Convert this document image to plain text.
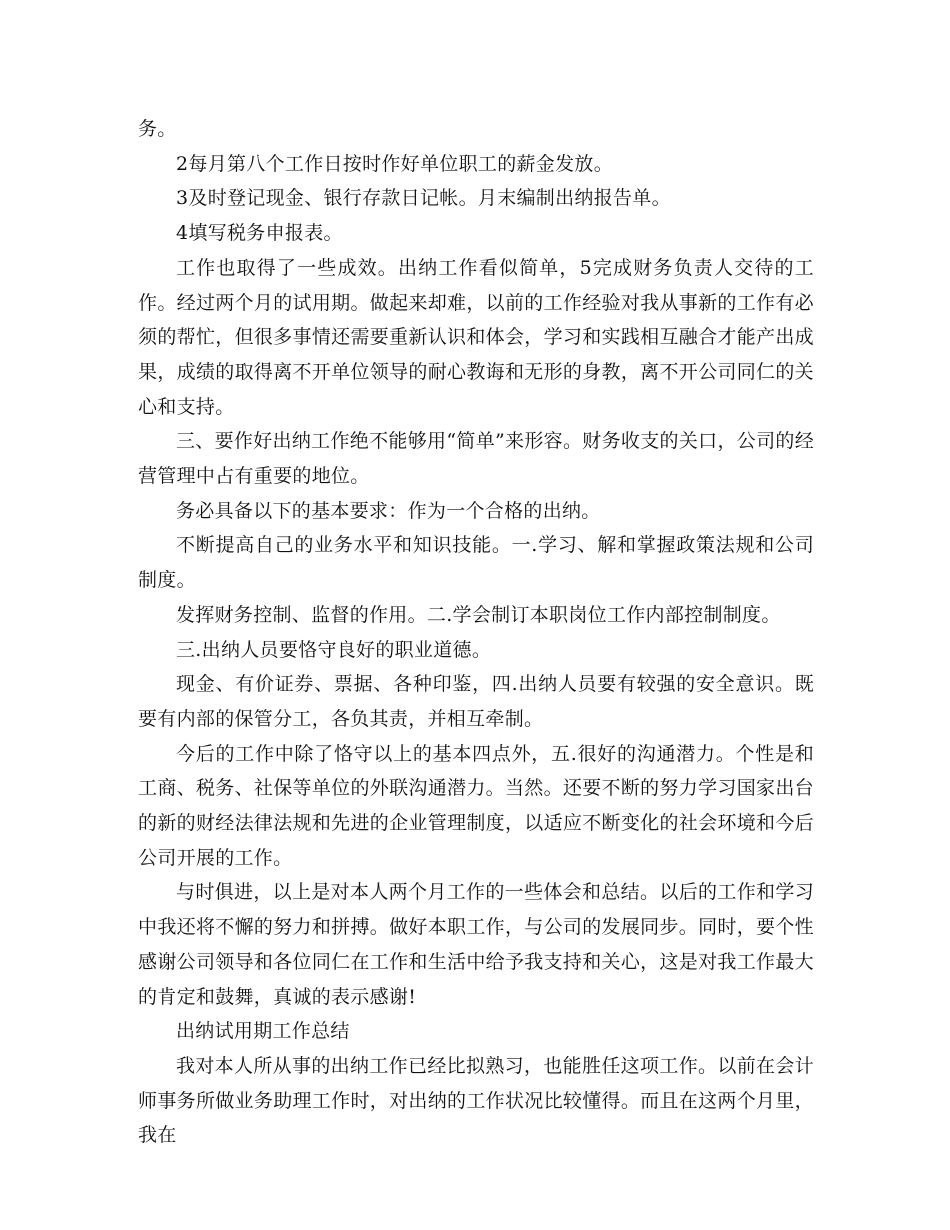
务。

2每月第八个工作日按时作好单位职工的薪金发放。

3及时登记现金、银行存款日记帐。月末编制出纳报告单。

4填写税务申报表。

工作也取得了一些成效。出纳工作看似简单，5完成财务负责人交待的工作。经过两个月的试用期。做起来却难，以前的工作经验对我从事新的工作有必须的帮忙，但很多事情还需要重新认识和体会，学习和实践相互融合才能产出成果，成绩的取得离不开单位领导的耐心教诲和无形的身教，离不开公司同仁的关心和支持。

三、要作好出纳工作绝不能够用“简单”来形容。财务收支的关口，公司的经营管理中占有重要的地位。

务必具备以下的基本要求：作为一个合格的出纳。

不断提高自己的业务水平和知识技能。一.学习、解和掌握政策法规和公司制度。

发挥财务控制、监督的作用。二.学会制订本职岗位工作内部控制制度。

三.出纳人员要恪守良好的职业道德。

现金、有价证券、票据、各种印鉴，四.出纳人员要有较强的安全意识。既要有内部的保管分工，各负其责，并相互牵制。

今后的工作中除了恪守以上的基本四点外，五.很好的沟通潜力。个性是和工商、税务、社保等单位的外联沟通潜力。当然。还要不断的努力学习国家出台的新的财经法律法规和先进的企业管理制度，以适应不断变化的社会环境和今后公司开展的工作。

与时俱进，以上是对本人两个月工作的一些体会和总结。以后的工作和学习中我还将不懈的努力和拼搏。做好本职工作，与公司的发展同步。同时，要个性感谢公司领导和各位同仁在工作和生活中给予我支持和关心，这是对我工作最大的肯定和鼓舞，真诚的表示感谢!

出纳试用期工作总结

我对本人所从事的出纳工作已经比拟熟习，也能胜任这项工作。以前在会计师事务所做业务助理工作时，对出纳的工作状况比较懂得。而且在这两个月里，我在
